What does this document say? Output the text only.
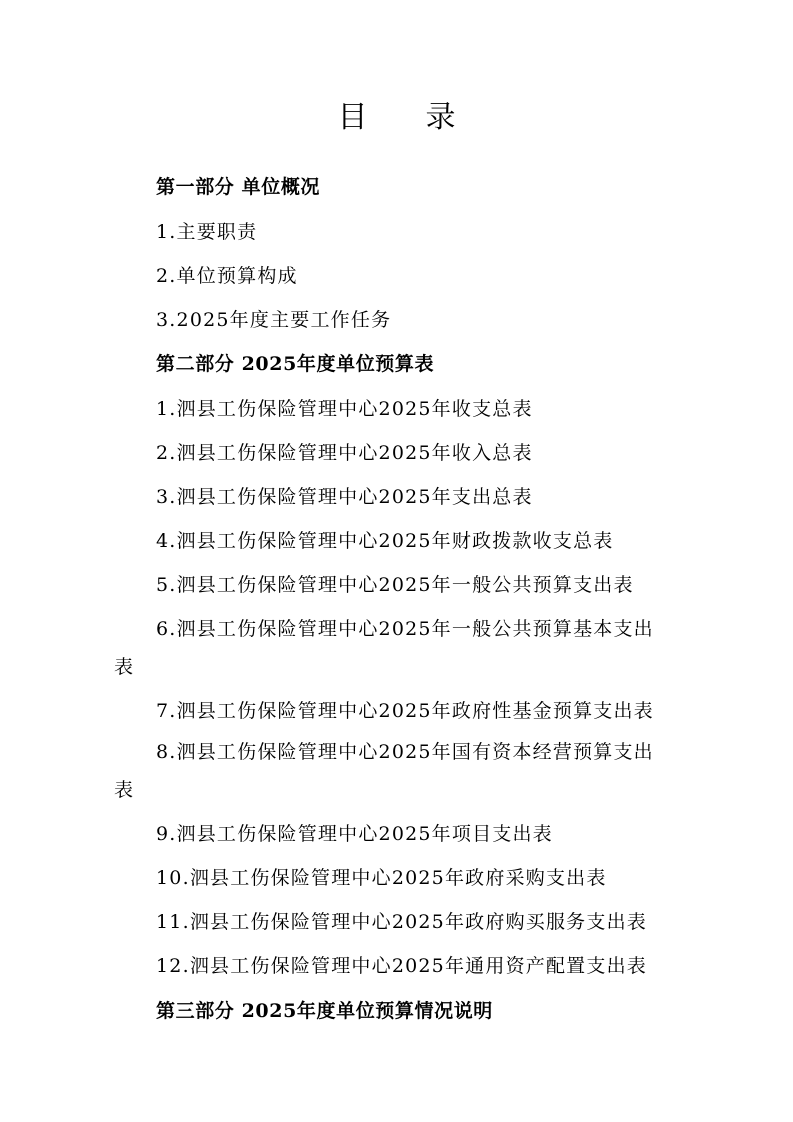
目 录
第一部分 单位概况
1.主要职责
2.单位预算构成
3.2025年度主要工作任务
第二部分 2025年度单位预算表
1.泗县工伤保险管理中心2025年收支总表
2.泗县工伤保险管理中心2025年收入总表
3.泗县工伤保险管理中心2025年支出总表
4.泗县工伤保险管理中心2025年财政拨款收支总表
5.泗县工伤保险管理中心2025年一般公共预算支出表
6.泗县工伤保险管理中心2025年一般公共预算基本支出
表
7.泗县工伤保险管理中心2025年政府性基金预算支出表
8.泗县工伤保险管理中心2025年国有资本经营预算支出
表
9.泗县工伤保险管理中心2025年项目支出表
10.泗县工伤保险管理中心2025年政府采购支出表
11.泗县工伤保险管理中心2025年政府购买服务支出表
12.泗县工伤保险管理中心2025年通用资产配置支出表
第三部分 2025年度单位预算情况说明
